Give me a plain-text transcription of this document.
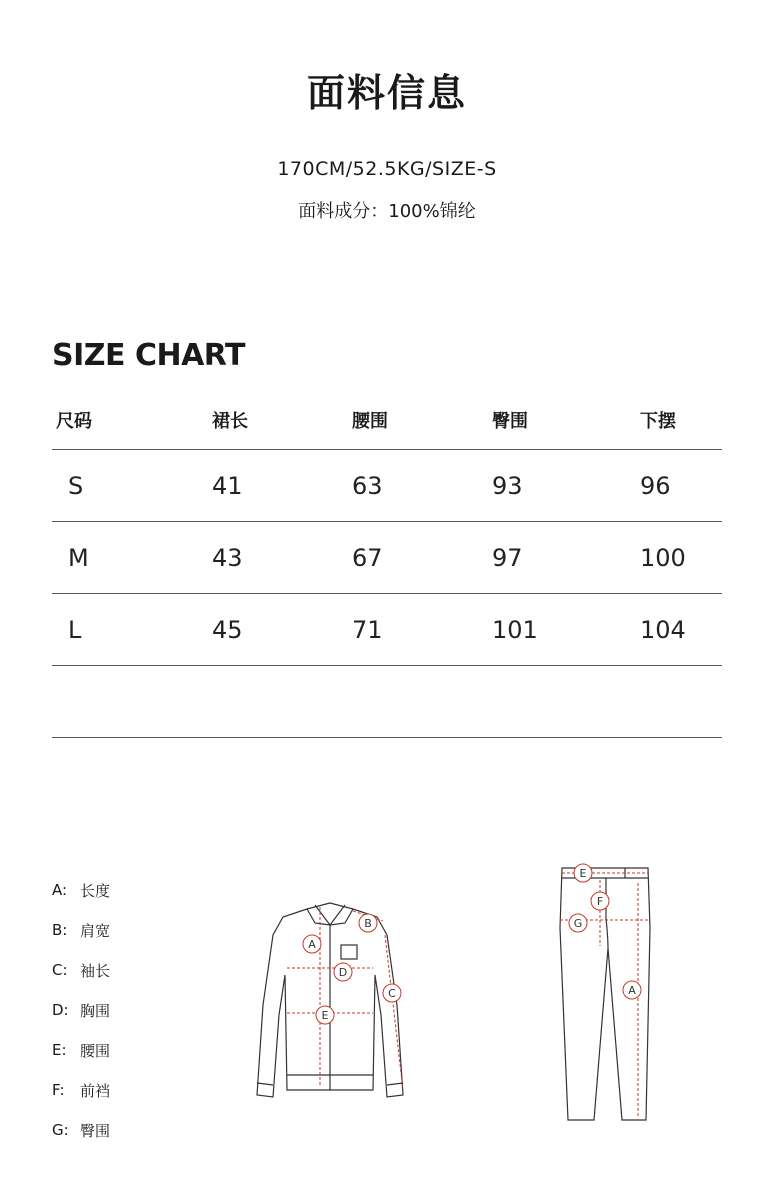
面料信息
170CM/52.5KG/SIZE-S
面料成分：100%锦纶
SIZE CHART
尺码	裙长	腰围	臀围	下摆
S	41	63	93	96
M	43	67	97	100
L	45	71	101	104
A: 长度
B: 肩宽
C: 袖长
D: 胸围
E: 腰围
F:	前裆
G: 臀围
A
B
C
D
E
E
F
G
A
